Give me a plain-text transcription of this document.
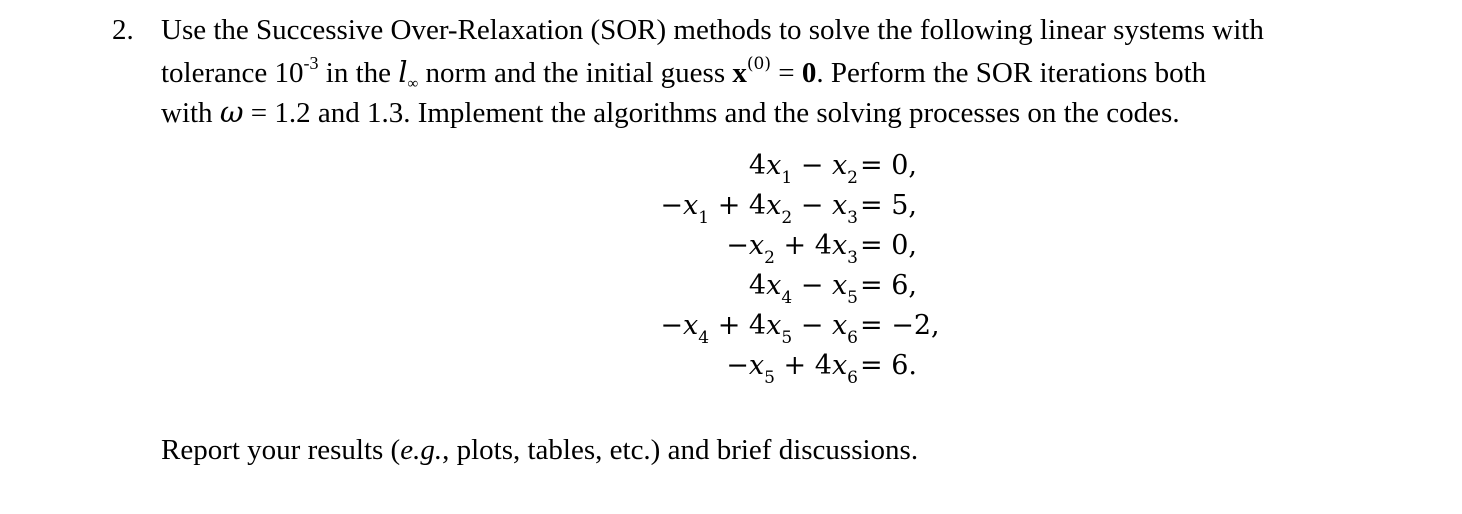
2. Use the Successive Over-Relaxation (SOR) methods to solve the following linear systems with
tolerance $10^{-3}$ in the $l_\infty$ norm and the initial guess $x^{(0)} = 0$. Perform the SOR iterations both
with ω = 1.2 and 1.3. Implement the algorithms and the solving processes on the codes.
$4x_1 - x_2 = 0$,
$-x_1 + 4x_2 - x_3 = 5$,
$-x_2 + 4x_3 = 0$,
$4x_4 - x_5 = 6$,
$-x_4 + 4x_5 - x_6 = -2$,
$-x_5 + 4x_6 = 6$.
Report your results (e.g., plots, tables, etc.) and brief discussions.
